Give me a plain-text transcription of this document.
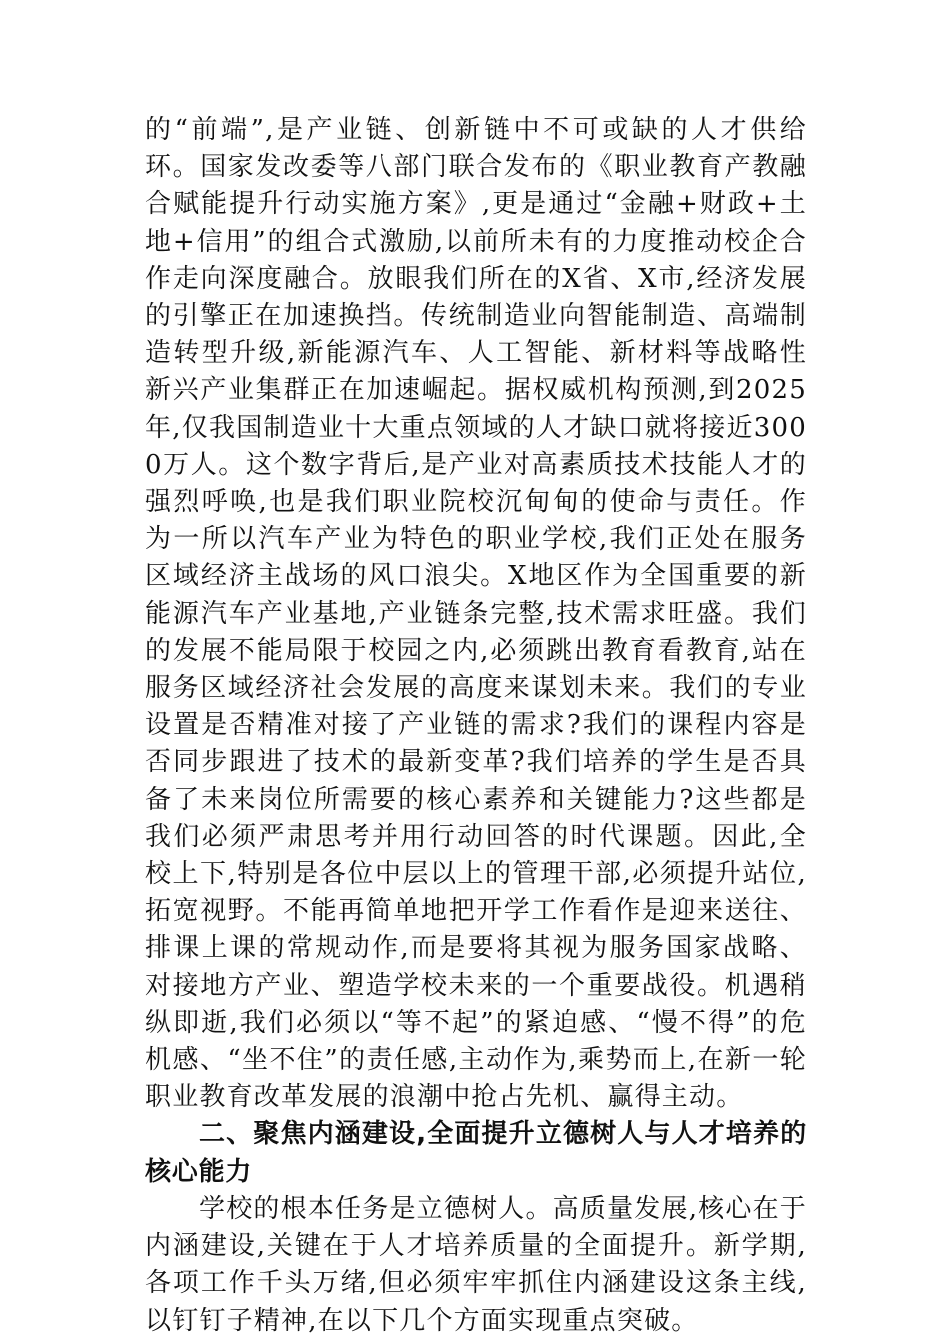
的“前端”,是产业链、创新链中不可或缺的人才供给环。国家发改委等八部门联合发布的《职业教育产教融合赋能提升行动实施方案》,更是通过“金融+财政+土地+信用”的组合式激励,以前所未有的力度推动校企合作走向深度融合。放眼我们所在的X省、X市,经济发展的引擎正在加速换挡。传统制造业向智能制造、高端制造转型升级,新能源汽车、人工智能、新材料等战略性新兴产业集群正在加速崛起。据权威机构预测,到2025年,仅我国制造业十大重点领域的人才缺口就将接近3000万人。这个数字背后,是产业对高素质技术技能人才的强烈呼唤,也是我们职业院校沉甸甸的使命与责任。作为一所以汽车产业为特色的职业学校,我们正处在服务区域经济主战场的风口浪尖。X地区作为全国重要的新能源汽车产业基地,产业链条完整,技术需求旺盛。我们的发展不能局限于校园之内,必须跳出教育看教育,站在服务区域经济社会发展的高度来谋划未来。我们的专业设置是否精准对接了产业链的需求?我们的课程内容是否同步跟进了技术的最新变革?我们培养的学生是否具备了未来岗位所需要的核心素养和关键能力?这些都是我们必须严肃思考并用行动回答的时代课题。因此,全校上下,特别是各位中层以上的管理干部,必须提升站位,拓宽视野。不能再简单地把开学工作看作是迎来送往、排课上课的常规动作,而是要将其视为服务国家战略、对接地方产业、塑造学校未来的一个重要战役。机遇稍纵即逝,我们必须以“等不起”的紧迫感、“慢不得”的危机感、“坐不住”的责任感,主动作为,乘势而上,在新一轮职业教育改革发展的浪潮中抢占先机、赢得主动。

二、聚焦内涵建设,全面提升立德树人与人才培养的核心能力

学校的根本任务是立德树人。高质量发展,核心在于内涵建设,关键在于人才培养质量的全面提升。新学期,各项工作千头万绪,但必须牢牢抓住内涵建设这条主线,以钉钉子精神,在以下几个方面实现重点突破。
